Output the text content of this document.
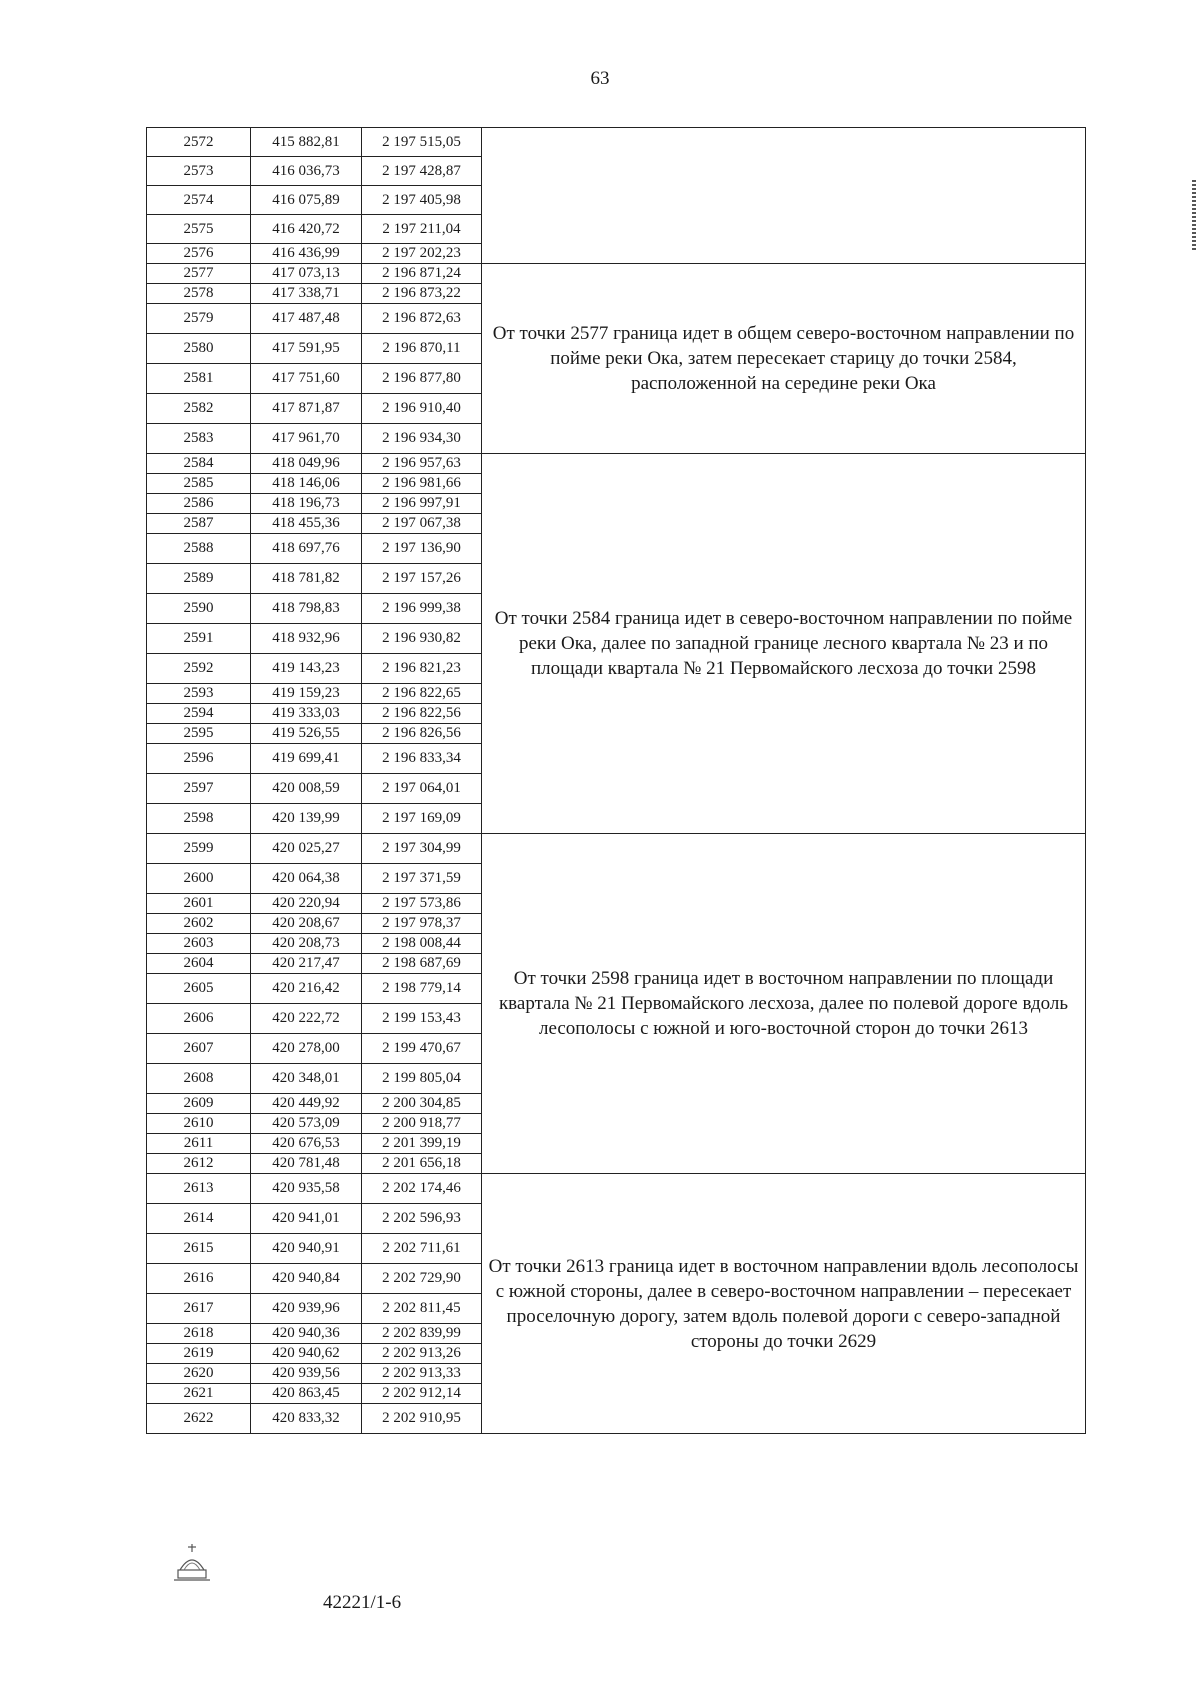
63
2572	415 882,81	2 197 515,05	
2573	416 036,73	2 197 428,87	
2574	416 075,89	2 197 405,98	
2575	416 420,72	2 197 211,04	
2576	416 436,99	2 197 202,23	
2577	417 073,13	2 196 871,24	От точки 2577 граница идет в общем северо-восточном направлении по пойме реки Ока, затем пересекает старицу до точки 2584, расположенной на середине реки Ока
2578	417 338,71	2 196 873,22	
2579	417 487,48	2 196 872,63	
2580	417 591,95	2 196 870,11	
2581	417 751,60	2 196 877,80	
2582	417 871,87	2 196 910,40	
2583	417 961,70	2 196 934,30	
2584	418 049,96	2 196 957,63	От точки 2584 граница идет в северо-восточном направлении по пойме реки Ока, далее по западной границе лесного квартала № 23 и по площади квартала № 21 Первомайского лесхоза до точки 2598
2585	418 146,06	2 196 981,66	
2586	418 196,73	2 196 997,91	
2587	418 455,36	2 197 067,38	
2588	418 697,76	2 197 136,90	
2589	418 781,82	2 197 157,26	
2590	418 798,83	2 196 999,38	
2591	418 932,96	2 196 930,82	
2592	419 143,23	2 196 821,23	
2593	419 159,23	2 196 822,65	
2594	419 333,03	2 196 822,56	
2595	419 526,55	2 196 826,56	
2596	419 699,41	2 196 833,34	
2597	420 008,59	2 197 064,01	
2598	420 139,99	2 197 169,09	
2599	420 025,27	2 197 304,99	От точки 2598 граница идет в восточном направлении по площади квартала № 21 Первомайского лесхоза, далее по полевой дороге вдоль лесополосы с южной и юго-восточной сторон до точки 2613
2600	420 064,38	2 197 371,59	
2601	420 220,94	2 197 573,86	
2602	420 208,67	2 197 978,37	
2603	420 208,73	2 198 008,44	
2604	420 217,47	2 198 687,69	
2605	420 216,42	2 198 779,14	
2606	420 222,72	2 199 153,43	
2607	420 278,00	2 199 470,67	
2608	420 348,01	2 199 805,04	
2609	420 449,92	2 200 304,85	
2610	420 573,09	2 200 918,77	
2611	420 676,53	2 201 399,19	
2612	420 781,48	2 201 656,18	
2613	420 935,58	2 202 174,46	От точки 2613 граница идет в восточном направлении вдоль лесополосы с южной стороны, далее в северо-восточном направлении – пересекает проселочную дорогу, затем вдоль полевой дороги с северо-западной стороны до точки 2629
2614	420 941,01	2 202 596,93	
2615	420 940,91	2 202 711,61	
2616	420 940,84	2 202 729,90	
2617	420 939,96	2 202 811,45	
2618	420 940,36	2 202 839,99	
2619	420 940,62	2 202 913,26	
2620	420 939,56	2 202 913,33	
2621	420 863,45	2 202 912,14	
2622	420 833,32	2 202 910,95	
42221/1-6
